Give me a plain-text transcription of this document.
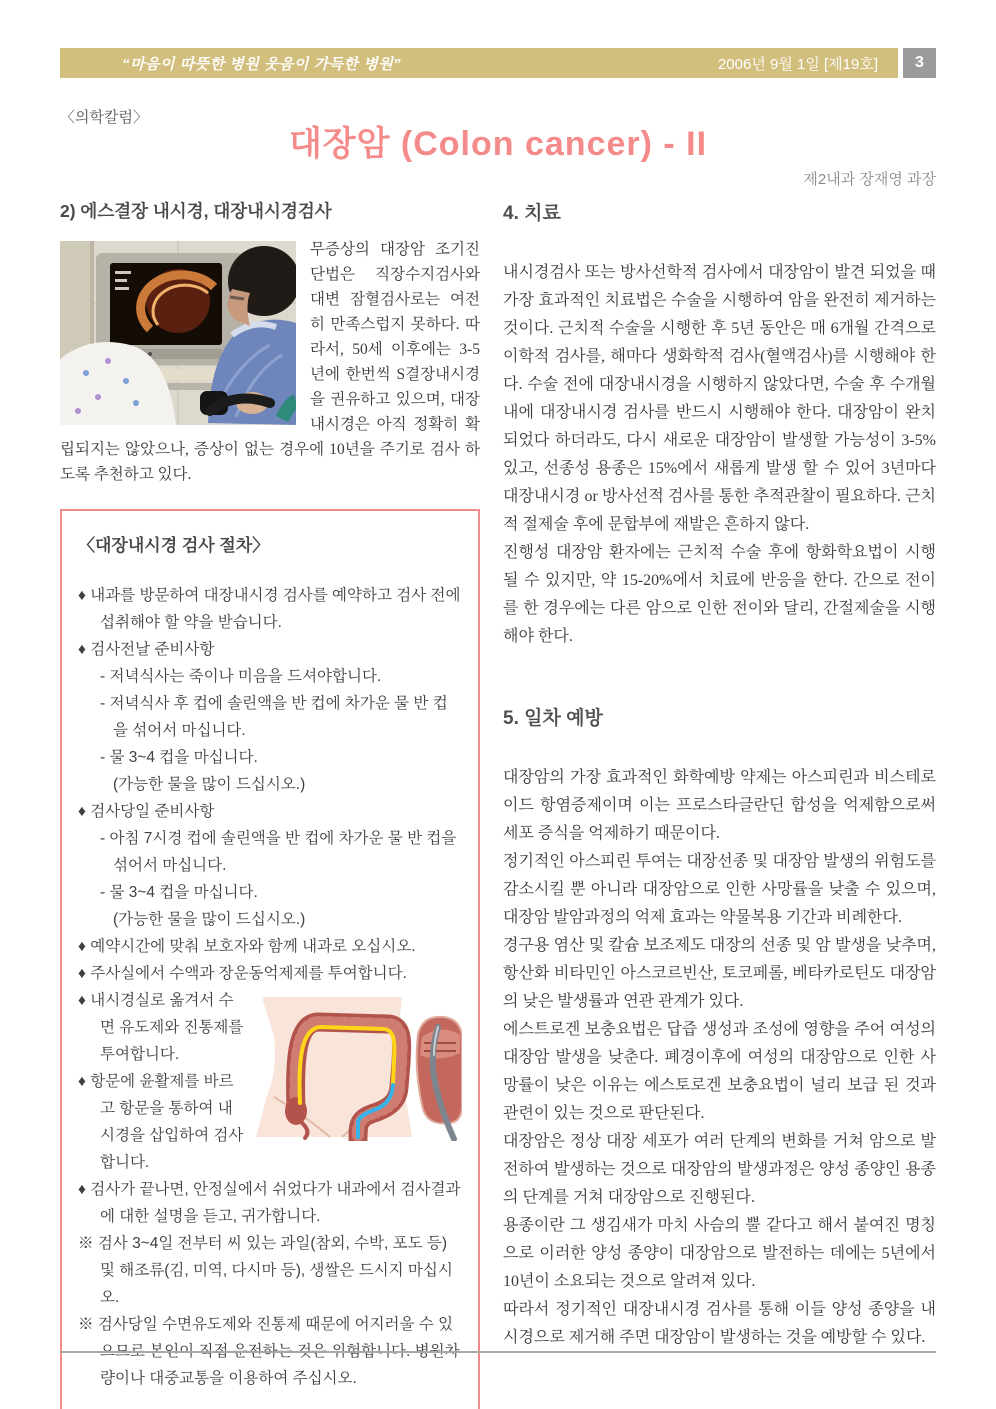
“마음이 따뜻한 병원 웃음이 가득한 병원”	2006년 9월 1일 [제19호]	3
〈의학칼럼〉
대장암 (Colon cancer) - II
제2내과 장재영 과장
2) 에스결장 내시경, 대장내시경검사

무증상의 대장암 조기진단법은 직장수지검사와 대변 잠혈검사로는 여전히 만족스럽지 못하다. 따라서, 50세 이후에는 3-5년에 한번씩 S결장내시경을 권유하고 있으며, 대장내시경은 아직 정확히 확립되지는 않았으나, 증상이 없는 경우에 10년을 주기로 검사 하도록 추천하고 있다.

〈대장내시경 검사 절차〉
♦ 내과를 방문하여 대장내시경 검사를 예약하고 검사 전에 섭취해야 할 약을 받습니다.
♦ 검사전날 준비사항
- 저녁식사는 죽이나 미음을 드셔야합니다.
- 저녁식사 후 컵에 솔린액을 반 컵에 차가운 물 반 컵을 섞어서 마십니다.
- 물 3~4 컵을 마십니다.
(가능한 물을 많이 드십시오.)
♦ 검사당일 준비사항
- 아침 7시경 컵에 솔린액을 반 컵에 차가운 물 반 컵을 섞어서 마십니다.
- 물 3~4 컵을 마십니다.
(가능한 물을 많이 드십시오.)
♦ 예약시간에 맞춰 보호자와 함께 내과로 오십시오.
♦ 주사실에서 수액과 장운동억제제를 투여합니다.
♦ 내시경실로 옮겨서 수면 유도제와 진통제를 투여합니다.
♦ 항문에 윤활제를 바르고 항문을 통하여 내시경을 삽입하여 검사합니다.
♦ 검사가 끝나면, 안정실에서 쉬었다가 내과에서 검사결과에 대한 설명을 듣고, 귀가합니다.
※ 검사 3~4일 전부터 씨 있는 과일(참외, 수박, 포도 등) 및 해조류(김, 미역, 다시마 등), 생쌀은 드시지 마십시오.
※ 검사당일 수면유도제와 진통제 때문에 어지러울 수 있으므로 본인이 직접 운전하는 것은 위험합니다. 병원차량이나 대중교통을 이용하여 주십시오.
4. 치료

내시경검사 또는 방사선학적 검사에서 대장암이 발견 되었을 때 가장 효과적인 치료법은 수술을 시행하여 암을 완전히 제거하는 것이다. 근치적 수술을 시행한 후 5년 동안은 매 6개월 간격으로 이학적 검사를, 해마다 생화학적 검사(혈액검사)를 시행해야 한다. 수술 전에 대장내시경을 시행하지 않았다면, 수술 후 수개월 내에 대장내시경 검사를 반드시 시행해야 한다. 대장암이 완치 되었다 하더라도, 다시 새로운 대장암이 발생할 가능성이 3-5% 있고, 선종성 용종은 15%에서 새롭게 발생 할 수 있어 3년마다 대장내시경 or 방사선적 검사를 통한 추적관찰이 필요하다. 근치적 절제술 후에 문합부에 재발은 흔하지 않다.

진행성 대장암 환자에는 근치적 수술 후에 항화학요법이 시행 될 수 있지만, 약 15-20%에서 치료에 반응을 한다. 간으로 전이를 한 경우에는 다른 암으로 인한 전이와 달리, 간절제술을 시행해야 한다.

5. 일차 예방

대장암의 가장 효과적인 화학예방 약제는 아스피린과 비스테로이드 항염증제이며 이는 프로스타글란딘 합성을 억제함으로써 세포 증식을 억제하기 때문이다.

정기적인 아스피린 투여는 대장선종 및 대장암 발생의 위험도를 감소시킬 뿐 아니라 대장암으로 인한 사망률을 낮출 수 있으며, 대장암 발암과정의 억제 효과는 약물복용 기간과 비례한다.

경구용 염산 및 칼슘 보조제도 대장의 선종 및 암 발생을 낮추며, 항산화 비타민인 아스코르빈산, 토코페롤, 베타카로틴도 대장암의 낮은 발생률과 연관 관계가 있다.

에스트로겐 보충요법은 답즙 생성과 조성에 영향을 주어 여성의 대장암 발생을 낮춘다. 폐경이후에 여성의 대장암으로 인한 사망률이 낮은 이유는 에스토로겐 보충요법이 널리 보급 된 것과 관련이 있는 것으로 판단된다.

대장암은 정상 대장 세포가 여러 단계의 변화를 거쳐 암으로 발전하여 발생하는 것으로 대장암의 발생과정은 양성 종양인 용종의 단계를 거쳐 대장암으로 진행된다.

용종이란 그 생김새가 마치 사슴의 뿔 같다고 해서 붙여진 명칭으로 이러한 양성 종양이 대장암으로 발전하는 데에는 5년에서 10년이 소요되는 것으로 알려져 있다.

따라서 정기적인 대장내시경 검사를 통해 이들 양성 종양을 내시경으로 제거해 주면 대장암이 발생하는 것을 예방할 수 있다.
